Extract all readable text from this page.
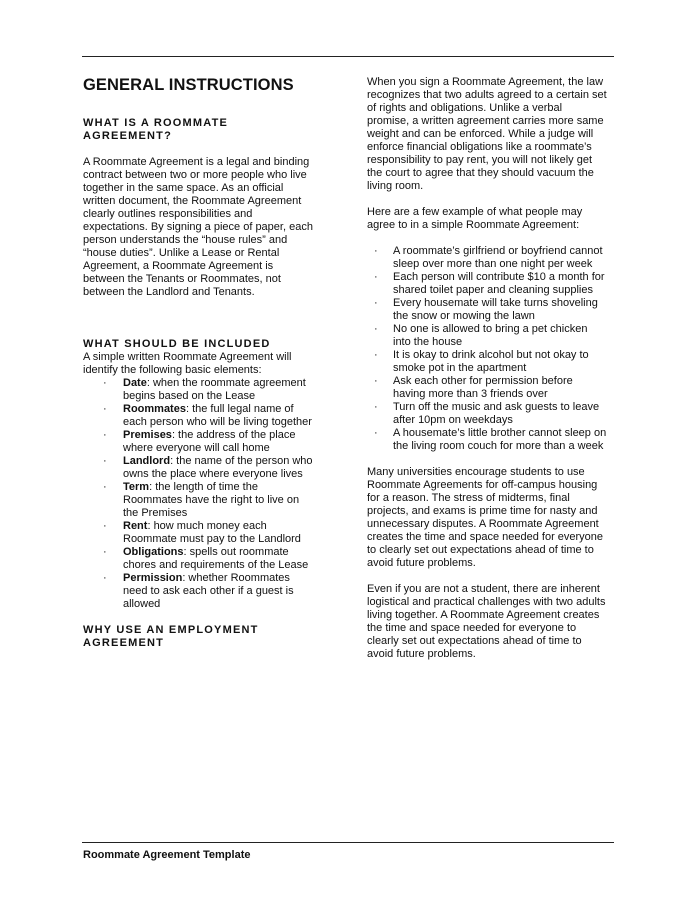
GENERAL INSTRUCTIONS
WHAT IS A ROOMMATE AGREEMENT?

A Roommate Agreement is a legal and binding contract between two or more people who live together in the same space. As an official written document, the Roommate Agreement clearly outlines responsibilities and expectations. By signing a piece of paper, each person understands the “house rules” and “house duties”. Unlike a Lease or Rental Agreement, a Roommate Agreement is between the Tenants or Roommates, not between the Landlord and Tenants.

WHAT SHOULD BE INCLUDED

A simple written Roommate Agreement will identify the following basic elements:

· Date: when the roommate agreement begins based on the Lease
· Roommates: the full legal name of each person who will be living together
· Premises: the address of the place where everyone will call home
· Landlord: the name of the person who owns the place where everyone lives
· Term: the length of time the Roommates have the right to live on the Premises
· Rent: how much money each Roommate must pay to the Landlord
· Obligations: spells out roommate chores and requirements of the Lease
· Permission: whether Roommates need to ask each other if a guest is allowed
WHY USE AN EMPLOYMENT AGREEMENT

When you sign a Roommate Agreement, the law recognizes that two adults agreed to a certain set of rights and obligations. Unlike a verbal promise, a written agreement carries more same weight and can be enforced. While a judge will enforce financial obligations like a roommate’s responsibility to pay rent, you will not likely get the court to agree that they should vacuum the living room.

Here are a few example of what people may agree to in a simple Roommate Agreement:

· A roommate’s girlfriend or boyfriend cannot sleep over more than one night per week
· Each person will contribute $10 a month for shared toilet paper and cleaning supplies
· Every housemate will take turns shoveling the snow or mowing the lawn
· No one is allowed to bring a pet chicken into the house
· It is okay to drink alcohol but not okay to smoke pot in the apartment
· Ask each other for permission before having more than 3 friends over
· Turn off the music and ask guests to leave after 10pm on weekdays
· A housemate’s little brother cannot sleep on the living room couch for more than a week

Many universities encourage students to use Roommate Agreements for off-campus housing for a reason. The stress of midterms, final projects, and exams is prime time for nasty and unnecessary disputes. A Roommate Agreement creates the time and space needed for everyone to clearly set out expectations ahead of time to avoid future problems.

Even if you are not a student, there are inherent logistical and practical challenges with two adults living together. A Roommate Agreement creates the time and space needed for everyone to clearly set out expectations ahead of time to avoid future problems.

Roommate Agreement Template
